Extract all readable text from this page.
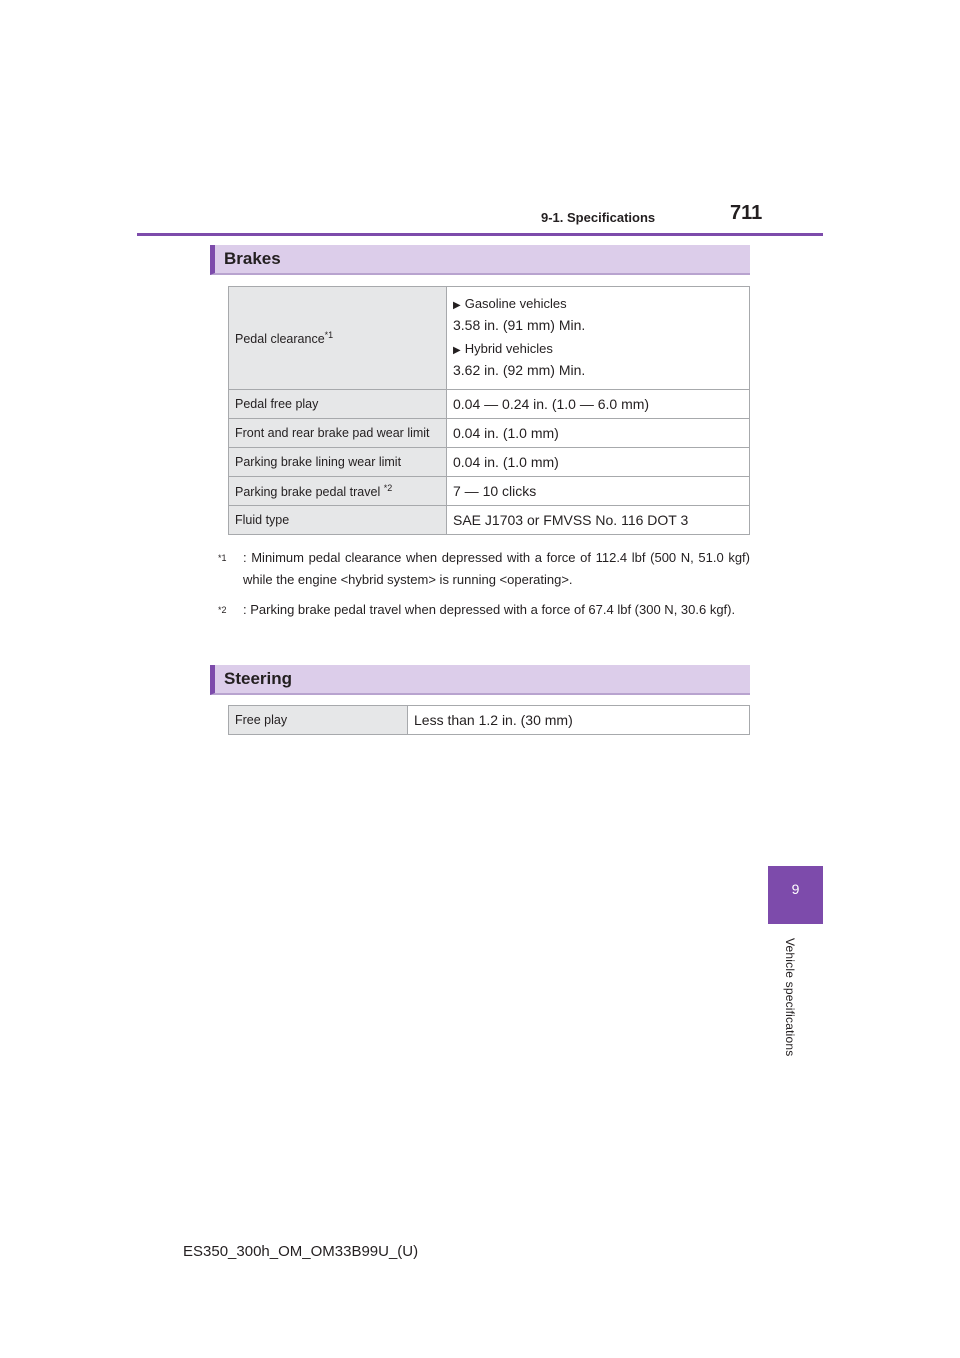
9-1. Specifications	711
9
Vehicle specifications
Brakes
Pedal clearance$^{*1}$	▶ Gasoline vehicles
3.58 in. (91 mm) Min.
▶ Hybrid vehicles
3.62 in. (92 mm) Min.

Pedal free play	0.04 — 0.24 in. (1.0 — 6.0 mm)
Front and rear brake pad wear limit	0.04 in. (1.0 mm)
Parking brake lining wear limit	0.04 in. (1.0 mm)
Parking brake pedal travel $^{*2}$	7 — 10 clicks
Fluid type	SAE J1703 or FMVSS No. 116 DOT 3
*1	: Minimum pedal clearance when depressed with a force of 112.4 lbf (500 N, 51.0 kgf) while the engine <hybrid system> is running <operating>.
*2	: Parking brake pedal travel when depressed with a force of 67.4 lbf (300 N, 30.6 kgf).
Steering
Free play	Less than 1.2 in. (30 mm)
ES350_300h_OM_OM33B99U_(U)
